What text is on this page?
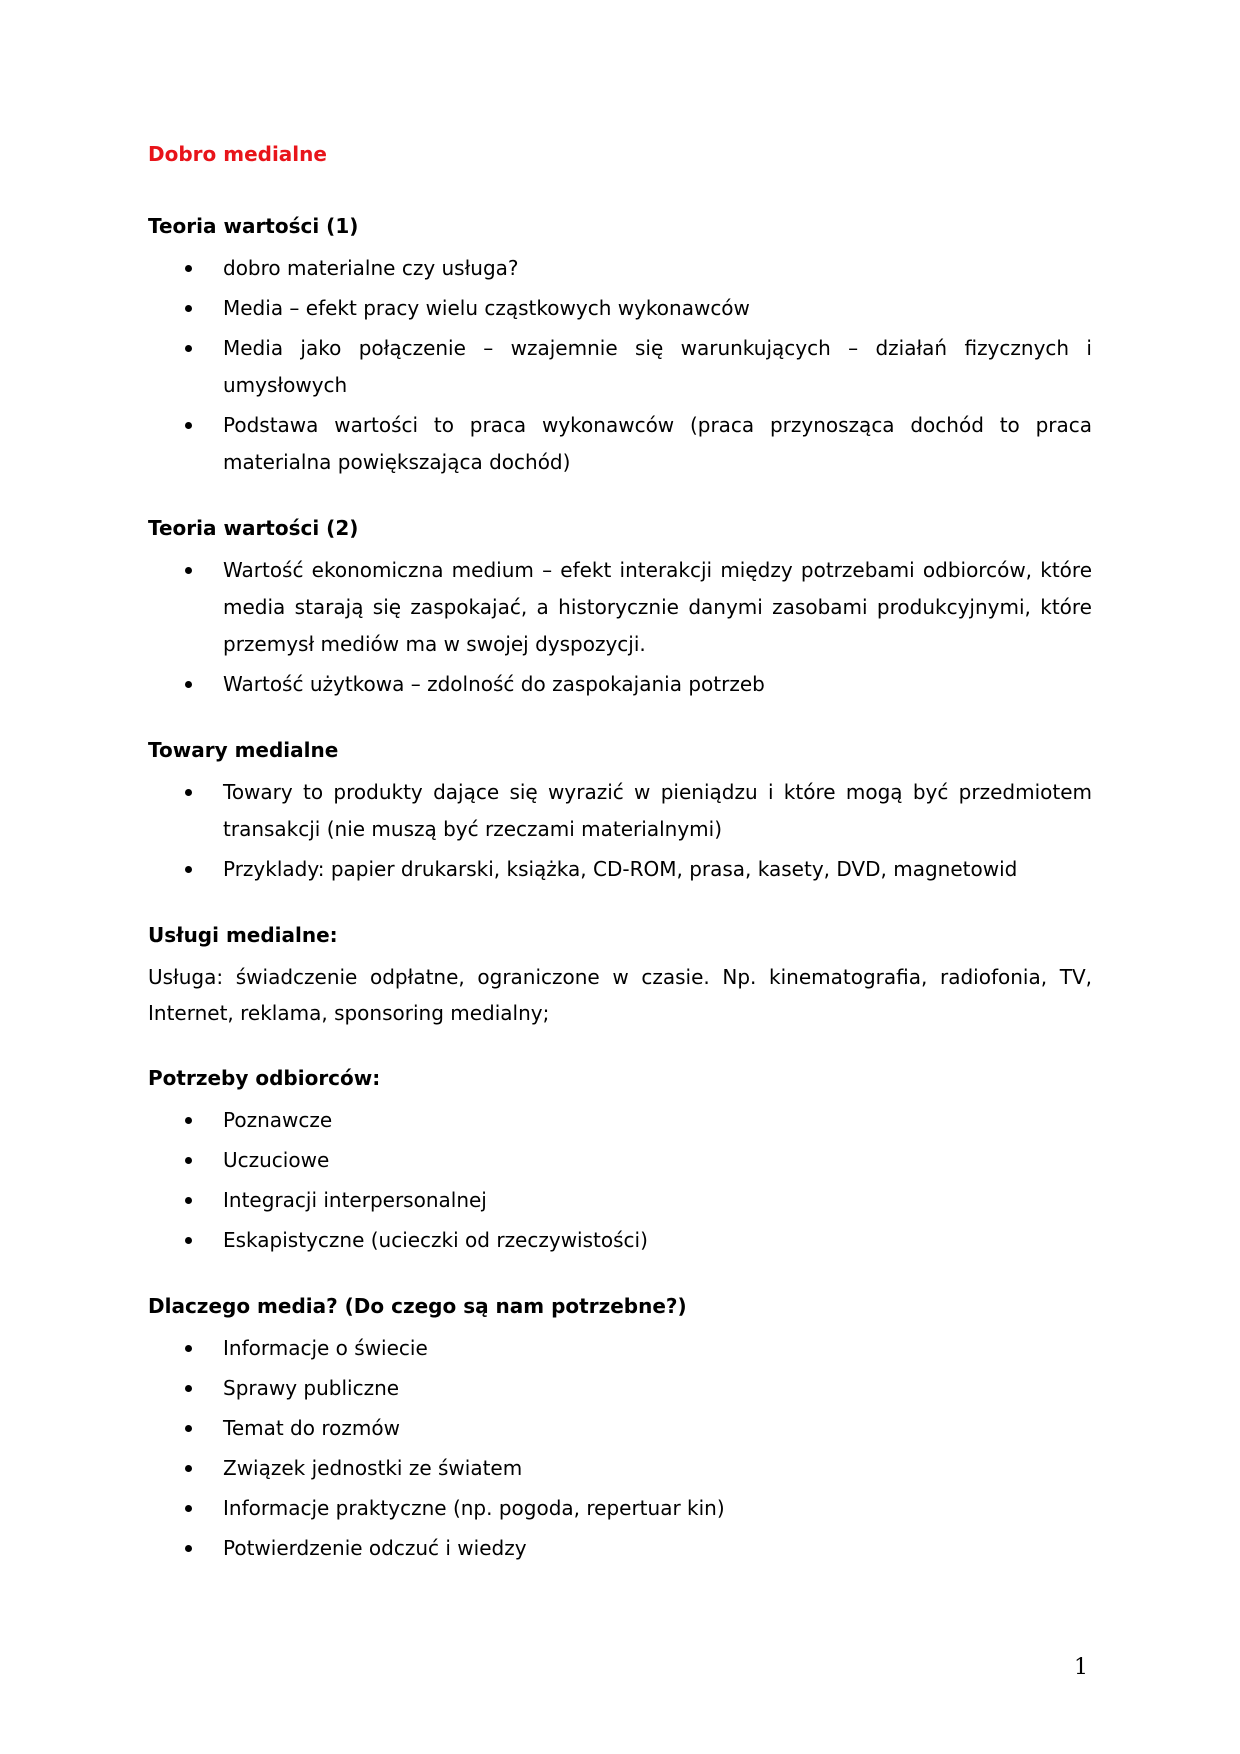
Dobro medialne
Teoria wartości (1)
dobro materialne czy usługa?
Media – efekt pracy wielu cząstkowych wykonawców
Media jako połączenie – wzajemnie się warunkujących – działań fizycznych i umysłowych
Podstawa wartości to praca wykonawców (praca przynosząca dochód to praca materialna powiększająca dochód)
Teoria wartości (2)
Wartość ekonomiczna medium – efekt interakcji między potrzebami odbiorców, które media starają się zaspokajać, a historycznie danymi zasobami produkcyjnymi, które przemysł mediów ma w swojej dyspozycji.
Wartość użytkowa – zdolność do zaspokajania potrzeb
Towary medialne
Towary to produkty dające się wyrazić w pieniądzu i które mogą być przedmiotem transakcji (nie muszą być rzeczami materialnymi)
Przyklady: papier drukarski, książka, CD-ROM, prasa, kasety, DVD, magnetowid
Usługi medialne:

Usługa: świadczenie odpłatne, ograniczone w czasie. Np. kinematografia, radiofonia, TV, Internet, reklama, sponsoring medialny;

Potrzeby odbiorców:
Poznawcze
Uczuciowe
Integracji interpersonalnej
Eskapistyczne (ucieczki od rzeczywistości)
Dlaczego media? (Do czego są nam potrzebne?)
Informacje o świecie
Sprawy publiczne
Temat do rozmów
Związek jednostki ze światem
Informacje praktyczne (np. pogoda, repertuar kin)
Potwierdzenie odczuć i wiedzy
1
